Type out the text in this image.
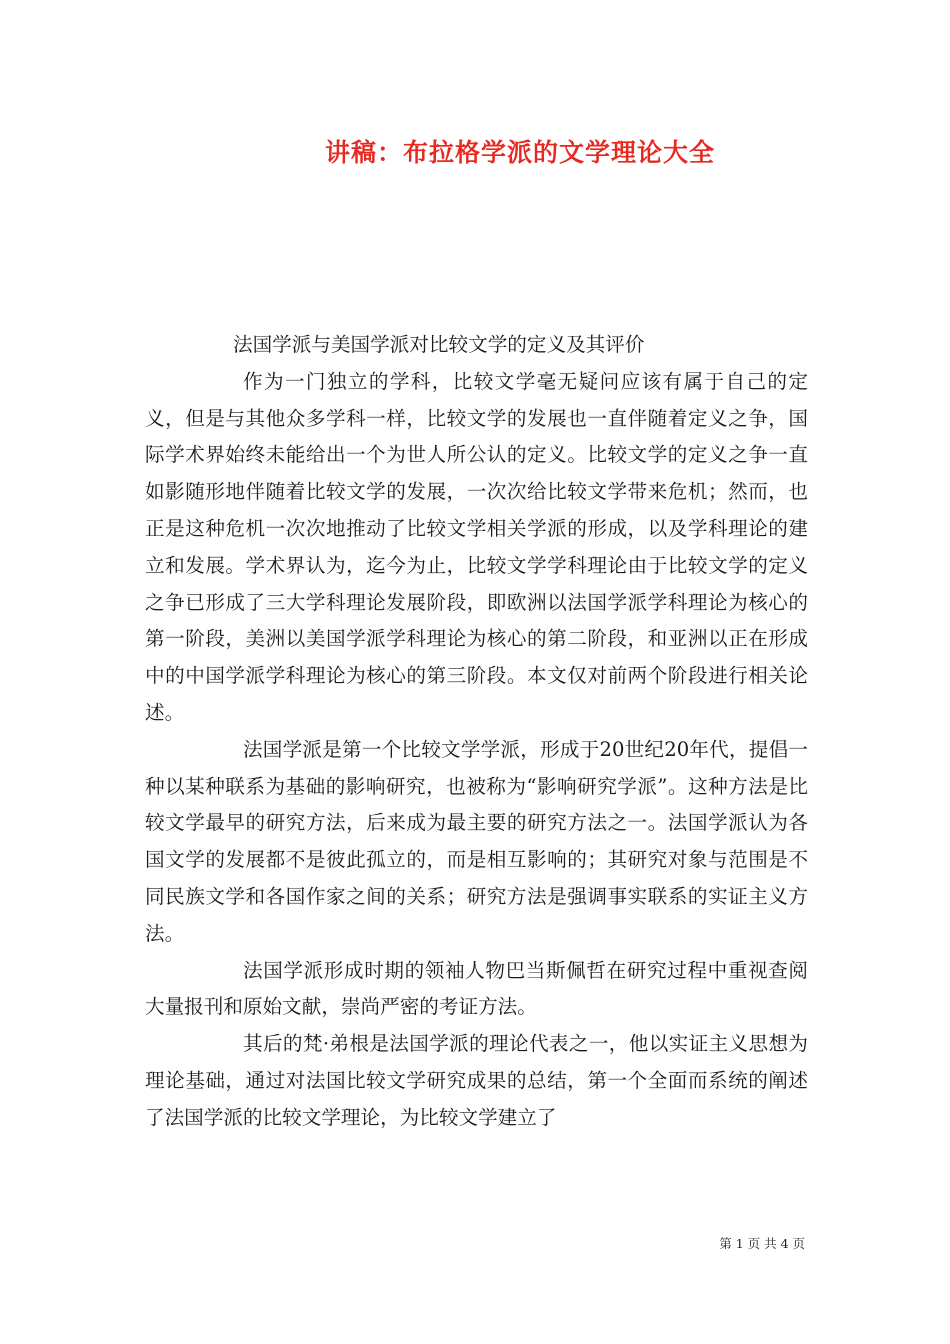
讲稿：布拉格学派的文学理论大全

法国学派与美国学派对比较文学的定义及其评价

作为一门独立的学科，比较文学毫无疑问应该有属于自己的定义，但是与其他众多学科一样，比较文学的发展也一直伴随着定义之争，国际学术界始终未能给出一个为世人所公认的定义。比较文学的定义之争一直如影随形地伴随着比较文学的发展，一次次给比较文学带来危机；然而，也正是这种危机一次次地推动了比较文学相关学派的形成，以及学科理论的建立和发展。学术界认为，迄今为止，比较文学学科理论由于比较文学的定义之争已形成了三大学科理论发展阶段，即欧洲以法国学派学科理论为核心的第一阶段，美洲以美国学派学科理论为核心的第二阶段，和亚洲以正在形成中的中国学派学科理论为核心的第三阶段。本文仅对前两个阶段进行相关论述。

法国学派是第一个比较文学学派，形成于20世纪20年代，提倡一种以某种联系为基础的影响研究，也被称为“影响研究学派”。这种方法是比较文学最早的研究方法，后来成为最主要的研究方法之一。法国学派认为各国文学的发展都不是彼此孤立的，而是相互影响的；其研究对象与范围是不同民族文学和各国作家之间的关系；研究方法是强调事实联系的实证主义方法。

法国学派形成时期的领袖人物巴当斯佩哲在研究过程中重视查阅大量报刊和原始文献，崇尚严密的考证方法。

其后的梵·弟根是法国学派的理论代表之一，他以实证主义思想为理论基础，通过对法国比较文学研究成果的总结，第一个全面而系统的阐述了法国学派的比较文学理论，为比较文学建立了

第 1 页 共 4 页
